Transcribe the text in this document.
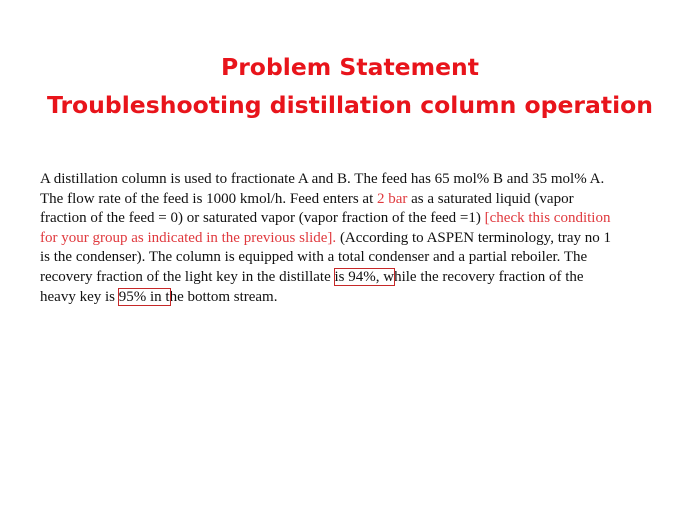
Problem Statement
Troubleshooting distillation column operation
A distillation column is used to fractionate A and B. The feed has 65 mol% B and 35 mol% A.
The flow rate of the feed is 1000 kmol/h. Feed enters at 2 bar as a saturated liquid (vapor
fraction of the feed = 0) or saturated vapor (vapor fraction of the feed =1) [check this condition
for your group as indicated in the previous slide]. (According to ASPEN terminology, tray no 1
is the condenser). The column is equipped with a total condenser and a partial reboiler. The
recovery fraction of the light key in the distillate is 94%, while the recovery fraction of the
heavy key is 95% in the bottom stream.
